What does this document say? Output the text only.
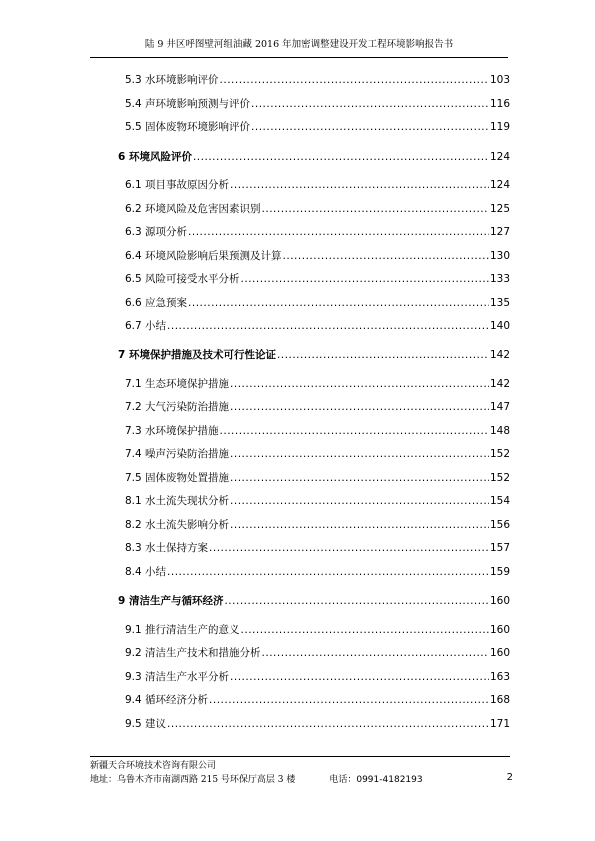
陆 9 井区呼图壁河组油藏 2016 年加密调整建设开发工程环境影响报告书
5.3 水环境影响评价 .....	103
5.4 声环境影响预测与评价 .....	116
5.5 固体废物环境影响评价 .....	119
6 环境风险评价 .....	124
6.1 项目事故原因分析 .....	124
6.2 环境风险及危害因素识别 .....	125
6.3 源项分析 .....	127
6.4 环境风险影响后果预测及计算 .....	130
6.5 风险可接受水平分析 .....	133
6.6 应急预案 .....	135
6.7 小结 .....	140
7 环境保护措施及技术可行性论证 .....	142
7.1 生态环境保护措施 .....	142
7.2 大气污染防治措施 .....	147
7.3 水环境保护措施 .....	148
7.4 噪声污染防治措施 .....	152
7.5 固体废物处置措施 .....	152
8.1 水土流失现状分析 .....	154
8.2 水土流失影响分析 .....	156
8.3 水土保持方案 .....	157
8.4 小结 .....	159
9 清洁生产与循环经济 .....	160
9.1 推行清洁生产的意义 .....	160
9.2 清洁生产技术和措施分析 .....	160
9.3 清洁生产水平分析 .....	163
9.4 循环经济分析 .....	168
9.5 建议 .....	171
新疆天合环境技术咨询有限公司
地址：乌鲁木齐市南湖西路 215 号环保厅高层 3 楼	电话：0991-4182193	2
